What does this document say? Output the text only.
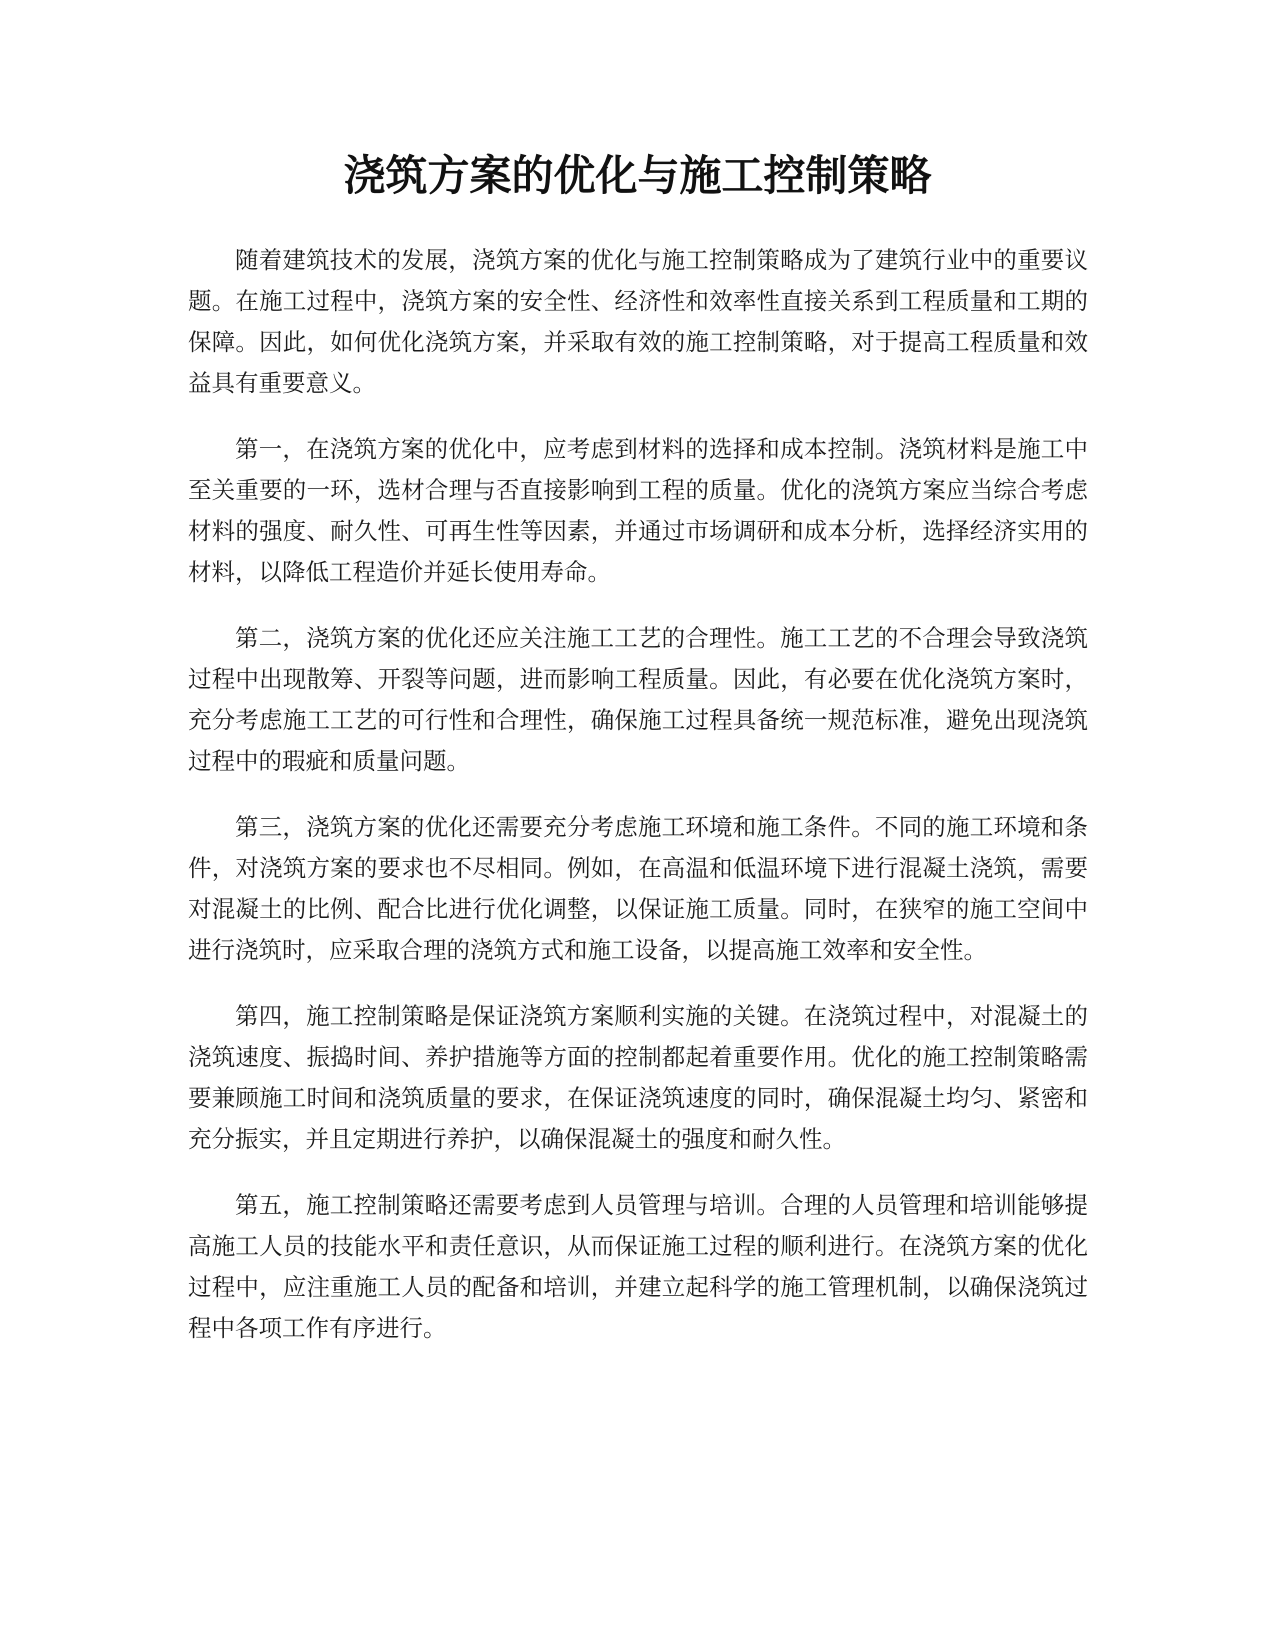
浇筑方案的优化与施工控制策略

随着建筑技术的发展，浇筑方案的优化与施工控制策略成为了建筑行业中的重要议题。在施工过程中，浇筑方案的安全性、经济性和效率性直接关系到工程质量和工期的保障。因此，如何优化浇筑方案，并采取有效的施工控制策略，对于提高工程质量和效益具有重要意义。

第一，在浇筑方案的优化中，应考虑到材料的选择和成本控制。浇筑材料是施工中至关重要的一环，选材合理与否直接影响到工程的质量。优化的浇筑方案应当综合考虑材料的强度、耐久性、可再生性等因素，并通过市场调研和成本分析，选择经济实用的材料，以降低工程造价并延长使用寿命。

第二，浇筑方案的优化还应关注施工工艺的合理性。施工工艺的不合理会导致浇筑过程中出现散筹、开裂等问题，进而影响工程质量。因此，有必要在优化浇筑方案时，充分考虑施工工艺的可行性和合理性，确保施工过程具备统一规范标准，避免出现浇筑过程中的瑕疵和质量问题。

第三，浇筑方案的优化还需要充分考虑施工环境和施工条件。不同的施工环境和条件，对浇筑方案的要求也不尽相同。例如，在高温和低温环境下进行混凝土浇筑，需要对混凝土的比例、配合比进行优化调整，以保证施工质量。同时，在狭窄的施工空间中进行浇筑时，应采取合理的浇筑方式和施工设备，以提高施工效率和安全性。

第四，施工控制策略是保证浇筑方案顺利实施的关键。在浇筑过程中，对混凝土的浇筑速度、振捣时间、养护措施等方面的控制都起着重要作用。优化的施工控制策略需要兼顾施工时间和浇筑质量的要求，在保证浇筑速度的同时，确保混凝土均匀、紧密和充分振实，并且定期进行养护，以确保混凝土的强度和耐久性。

第五，施工控制策略还需要考虑到人员管理与培训。合理的人员管理和培训能够提高施工人员的技能水平和责任意识，从而保证施工过程的顺利进行。在浇筑方案的优化过程中，应注重施工人员的配备和培训，并建立起科学的施工管理机制，以确保浇筑过程中各项工作有序进行。
